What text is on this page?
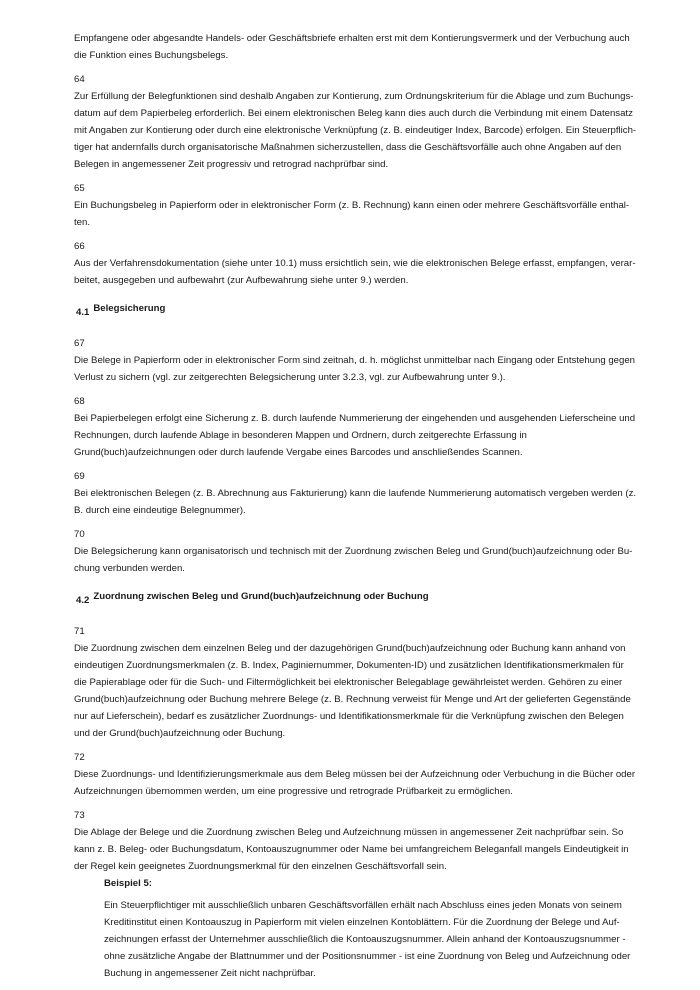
Empfangene oder abgesandte Handels- oder Geschäftsbriefe erhalten erst mit dem Kontierungsvermerk und der Verbuchung auch
die Funktion eines Buchungsbelegs.
64
Zur Erfüllung der Belegfunktionen sind deshalb Angaben zur Kontierung, zum Ordnungskriterium für die Ablage und zum Buchungs-
datum auf dem Papierbeleg erforderlich. Bei einem elektronischen Beleg kann dies auch durch die Verbindung mit einem Datensatz
mit Angaben zur Kontierung oder durch eine elektronische Verknüpfung (z. B. eindeutiger Index, Barcode) erfolgen. Ein Steuerpflich-
tiger hat andernfalls durch organisatorische Maßnahmen sicherzustellen, dass die Geschäftsvorfälle auch ohne Angaben auf den
Belegen in angemessener Zeit progressiv und retrograd nachprüfbar sind.
65
Ein Buchungsbeleg in Papierform oder in elektronischer Form (z. B. Rechnung) kann einen oder mehrere Geschäftsvorfälle enthal-
ten.
66
Aus der Verfahrensdokumentation (siehe unter 10.1) muss ersichtlich sein, wie die elektronischen Belege erfasst, empfangen, verar-
beitet, ausgegeben und aufbewahrt (zur Aufbewahrung siehe unter 9.) werden.
4.1 Belegsicherung
67
Die Belege in Papierform oder in elektronischer Form sind zeitnah, d. h. möglichst unmittelbar nach Eingang oder Entstehung gegen
Verlust zu sichern (vgl. zur zeitgerechten Belegsicherung unter 3.2.3, vgl. zur Aufbewahrung unter 9.).
68
Bei Papierbelegen erfolgt eine Sicherung z. B. durch laufende Nummerierung der eingehenden und ausgehenden Lieferscheine und
Rechnungen, durch laufende Ablage in besonderen Mappen und Ordnern, durch zeitgerechte Erfassung in
Grund(buch)aufzeichnungen oder durch laufende Vergabe eines Barcodes und anschließendes Scannen.
69
Bei elektronischen Belegen (z. B. Abrechnung aus Fakturierung) kann die laufende Nummerierung automatisch vergeben werden (z.
B. durch eine eindeutige Belegnummer).
70
Die Belegsicherung kann organisatorisch und technisch mit der Zuordnung zwischen Beleg und Grund(buch)aufzeichnung oder Bu-
chung verbunden werden.
4.2 Zuordnung zwischen Beleg und Grund(buch)aufzeichnung oder Buchung
71
Die Zuordnung zwischen dem einzelnen Beleg und der dazugehörigen Grund(buch)aufzeichnung oder Buchung kann anhand von
eindeutigen Zuordnungsmerkmalen (z. B. Index, Paginiernummer, Dokumenten-ID) und zusätzlichen Identifikationsmerkmalen für
die Papierablage oder für die Such- und Filtermöglichkeit bei elektronischer Belegablage gewährleistet werden. Gehören zu einer
Grund(buch)aufzeichnung oder Buchung mehrere Belege (z. B. Rechnung verweist für Menge und Art der gelieferten Gegenstände
nur auf Lieferschein), bedarf es zusätzlicher Zuordnungs- und Identifikationsmerkmale für die Verknüpfung zwischen den Belegen
und der Grund(buch)aufzeichnung oder Buchung.
72
Diese Zuordnungs- und Identifizierungsmerkmale aus dem Beleg müssen bei der Aufzeichnung oder Verbuchung in die Bücher oder
Aufzeichnungen übernommen werden, um eine progressive und retrograde Prüfbarkeit zu ermöglichen.
73
Die Ablage der Belege und die Zuordnung zwischen Beleg und Aufzeichnung müssen in angemessener Zeit nachprüfbar sein. So
kann z. B. Beleg- oder Buchungsdatum, Kontoauszugnummer oder Name bei umfangreichem Beleganfall mangels Eindeutigkeit in
der Regel kein geeignetes Zuordnungsmerkmal für den einzelnen Geschäftsvorfall sein.
Beispiel 5:
Ein Steuerpflichtiger mit ausschließlich unbaren Geschäftsvorfällen erhält nach Abschluss eines jeden Monats von seinem
Kreditinstitut einen Kontoauszug in Papierform mit vielen einzelnen Kontoblättern. Für die Zuordnung der Belege und Auf-
zeichnungen erfasst der Unternehmer ausschließlich die Kontoauszugsnummer. Allein anhand der Kontoauszugsnummer -
ohne zusätzliche Angabe der Blattnummer und der Positionsnummer - ist eine Zuordnung von Beleg und Aufzeichnung oder
Buchung in angemessener Zeit nicht nachprüfbar.
